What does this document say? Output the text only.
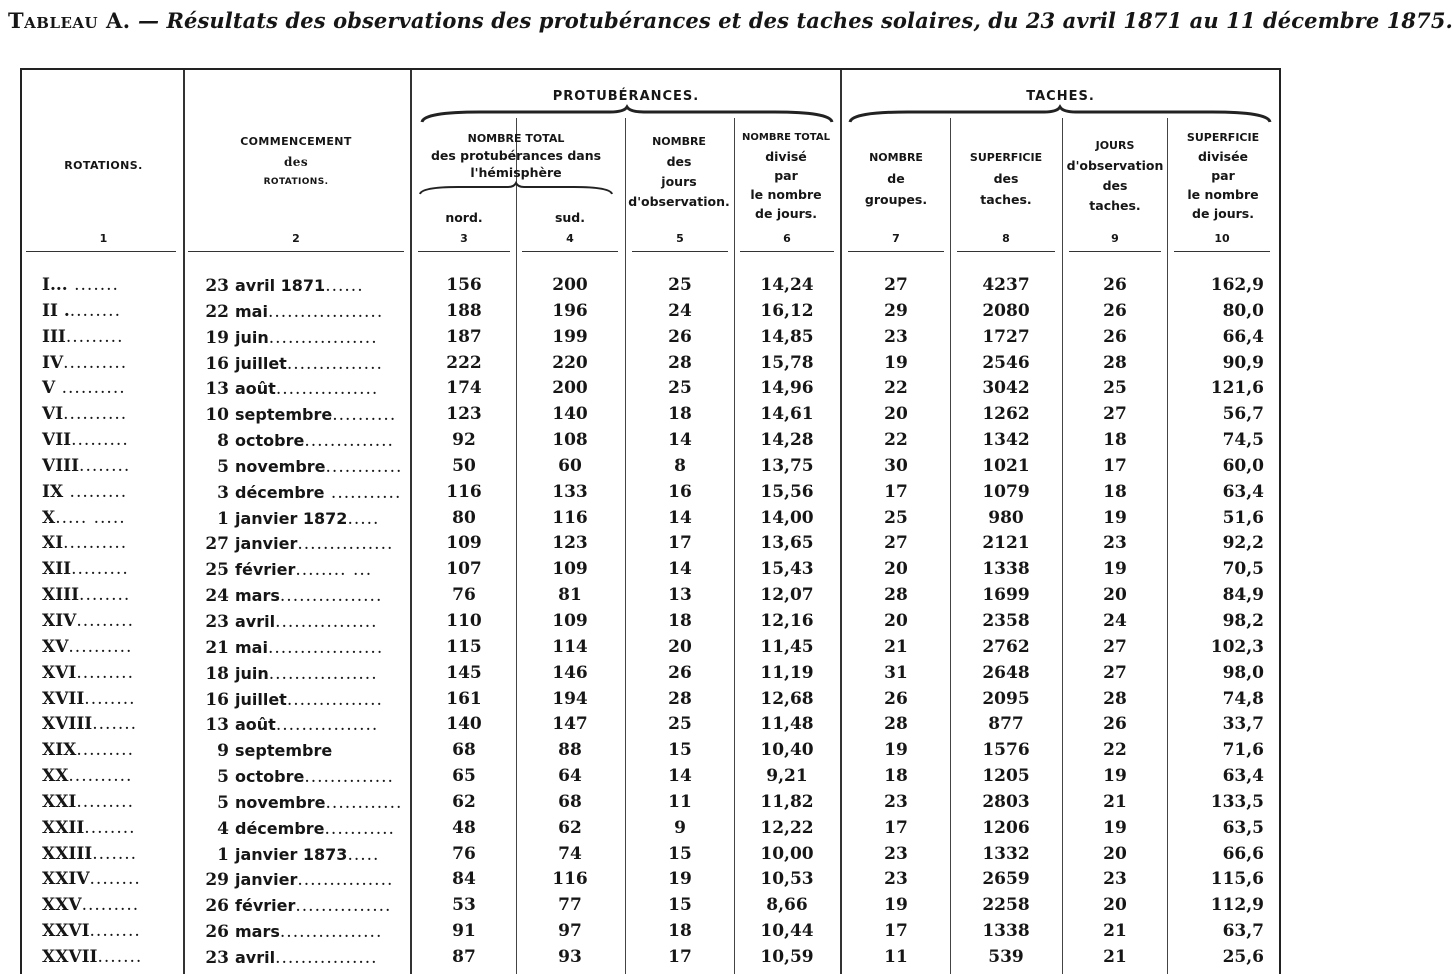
Tableau A. — Résultats des observations des protubérances et des taches solaires, du 23 avril 1871 au 11 décembre 1875.
ROTATIONS.
COMMENCEMENT
des
ROTATIONS.
PROTUBÉRANCES.	TACHES.
NOMBRE TOTAL
des protubérances dans
l'hémisphère
nord.	sud.
NOMBRE
des
jours
d'observation.
NOMBRE TOTAL
divisé
par
le nombre
de jours.
NOMBRE
de
groupes.
SUPERFICIE
des
taches.
JOURS
d'observation
des
taches.
SUPERFICIE
divisée
par
le nombre
de jours.
1	2	3	4	5	6	7	8	9	10
I... .......	23 avril 1871......	156	200	25	14,24	27	4237	26	162,9
II .........	22 mai..................	188	196	24	16,12	29	2080	26	80,0
III.........	19 juin.................	187	199	26	14,85	23	1727	26	66,4
IV..........	16 juillet...............	222	220	28	15,78	19	2546	28	90,9
V ..........	13 août................	174	200	25	14,96	22	3042	25	121,6
VI..........	10 septembre..........	123	140	18	14,61	20	1262	27	56,7
VII.........	8 octobre..............	92	108	14	14,28	22	1342	18	74,5
VIII........	5 novembre............	50	60	8	13,75	30	1021	17	60,0
IX .........	3 décembre ...........	116	133	16	15,56	17	1079	18	63,4
X..... .....	1 janvier 1872.....	80	116	14	14,00	25	980	19	51,6
XI..........	27 janvier...............	109	123	17	13,65	27	2121	23	92,2
XII.........	25 février........ ...	107	109	14	15,43	20	1338	19	70,5
XIII........	24 mars................	76	81	13	12,07	28	1699	20	84,9
XIV.........	23 avril................	110	109	18	12,16	20	2358	24	98,2
XV..........	21 mai..................	115	114	20	11,45	21	2762	27	102,3
XVI.........	18 juin.................	145	146	26	11,19	31	2648	27	98,0
XVII........	16 juillet...............	161	194	28	12,68	26	2095	28	74,8
XVIII.......	13 août................	140	147	25	11,48	28	877	26	33,7
XIX.........	9 septembre	68	88	15	10,40	19	1576	22	71,6
XX..........	5 octobre..............	65	64	14	9,21	18	1205	19	63,4
XXI.........	5 novembre............	62	68	11	11,82	23	2803	21	133,5
XXII........	4 décembre...........	48	62	9	12,22	17	1206	19	63,5
XXIII.......	1 janvier 1873.....	76	74	15	10,00	23	1332	20	66,6
XXIV........	29 janvier...............	84	116	19	10,53	23	2659	23	115,6
XXV.........	26 février...............	53	77	15	8,66	19	2258	20	112,9
XXVI........	26 mars................	91	97	18	10,44	17	1338	21	63,7
XXVII.......	23 avril................	87	93	17	10,59	11	539	21	25,6
